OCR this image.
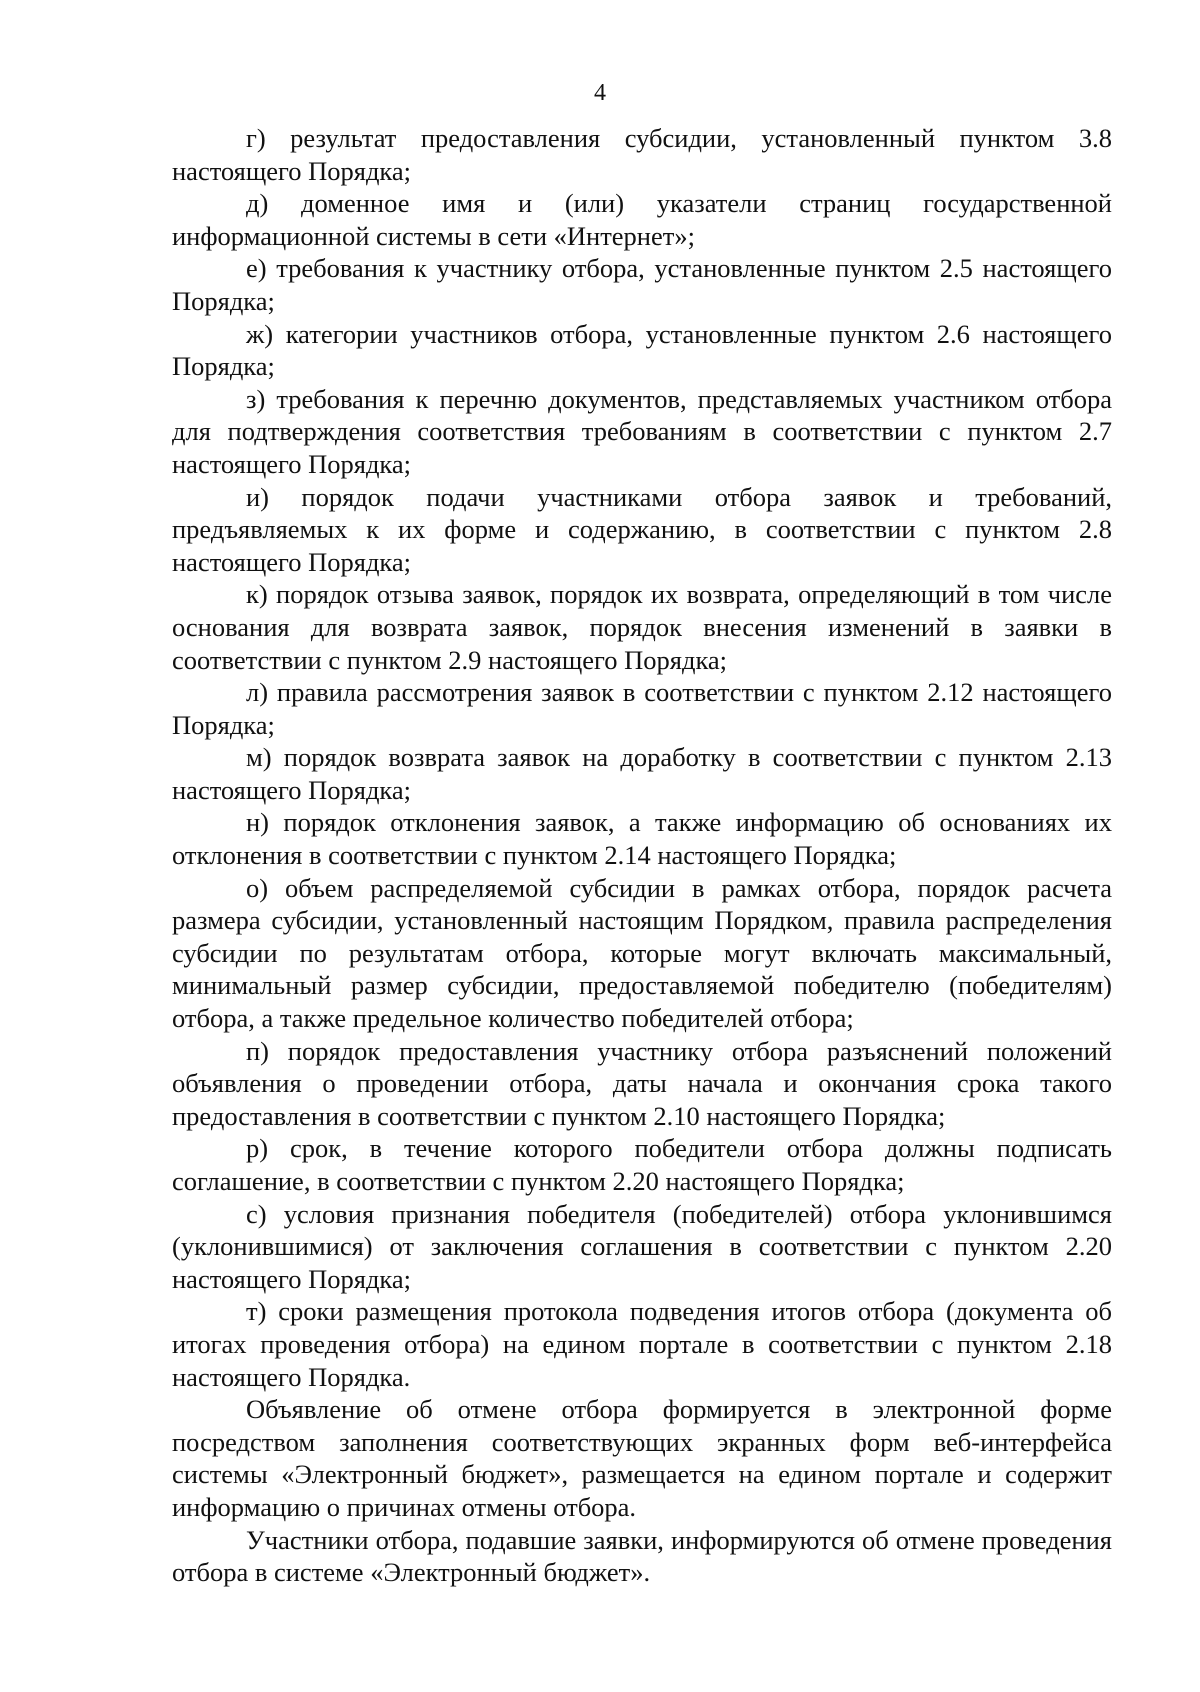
4

г) результат предоставления субсидии, установленный пунктом 3.8 настоящего Порядка;

д) доменное имя и (или) указатели страниц государственной информационной системы в сети «Интернет»;

е) требования к участнику отбора, установленные пунктом 2.5 настоящего Порядка;

ж) категории участников отбора, установленные пунктом 2.6 настоящего Порядка;

з) требования к перечню документов, представляемых участником отбора для подтверждения соответствия требованиям в соответствии с пунктом 2.7 настоящего Порядка;

и) порядок подачи участниками отбора заявок и требований, предъявляемых к их форме и содержанию, в соответствии с пунктом 2.8 настоящего Порядка;

к) порядок отзыва заявок, порядок их возврата, определяющий в том числе основания для возврата заявок, порядок внесения изменений в заявки в соответствии с пунктом 2.9 настоящего Порядка;

л) правила рассмотрения заявок в соответствии с пунктом 2.12 настоящего Порядка;

м) порядок возврата заявок на доработку в соответствии с пунктом 2.13 настоящего Порядка;

н) порядок отклонения заявок, а также информацию об основаниях их отклонения в соответствии с пунктом 2.14 настоящего Порядка;

о) объем распределяемой субсидии в рамках отбора, порядок расчета размера субсидии, установленный настоящим Порядком, правила распределения субсидии по результатам отбора, которые могут включать максимальный, минимальный размер субсидии, предоставляемой победителю (победителям) отбора, а также предельное количество победителей отбора;

п) порядок предоставления участнику отбора разъяснений положений объявления о проведении отбора, даты начала и окончания срока такого предоставления в соответствии с пунктом 2.10 настоящего Порядка;

р) срок, в течение которого победители отбора должны подписать соглашение, в соответствии с пунктом 2.20 настоящего Порядка;

с) условия признания победителя (победителей) отбора уклонившимся (уклонившимися) от заключения соглашения в соответствии с пунктом 2.20 настоящего Порядка;

т) сроки размещения протокола подведения итогов отбора (документа об итогах проведения отбора) на едином портале в соответствии с пунктом 2.18 настоящего Порядка.

Объявление об отмене отбора формируется в электронной форме посредством заполнения соответствующих экранных форм веб-интерфейса системы «Электронный бюджет», размещается на едином портале и содержит информацию о причинах отмены отбора.

Участники отбора, подавшие заявки, информируются об отмене проведения отбора в системе «Электронный бюджет».
